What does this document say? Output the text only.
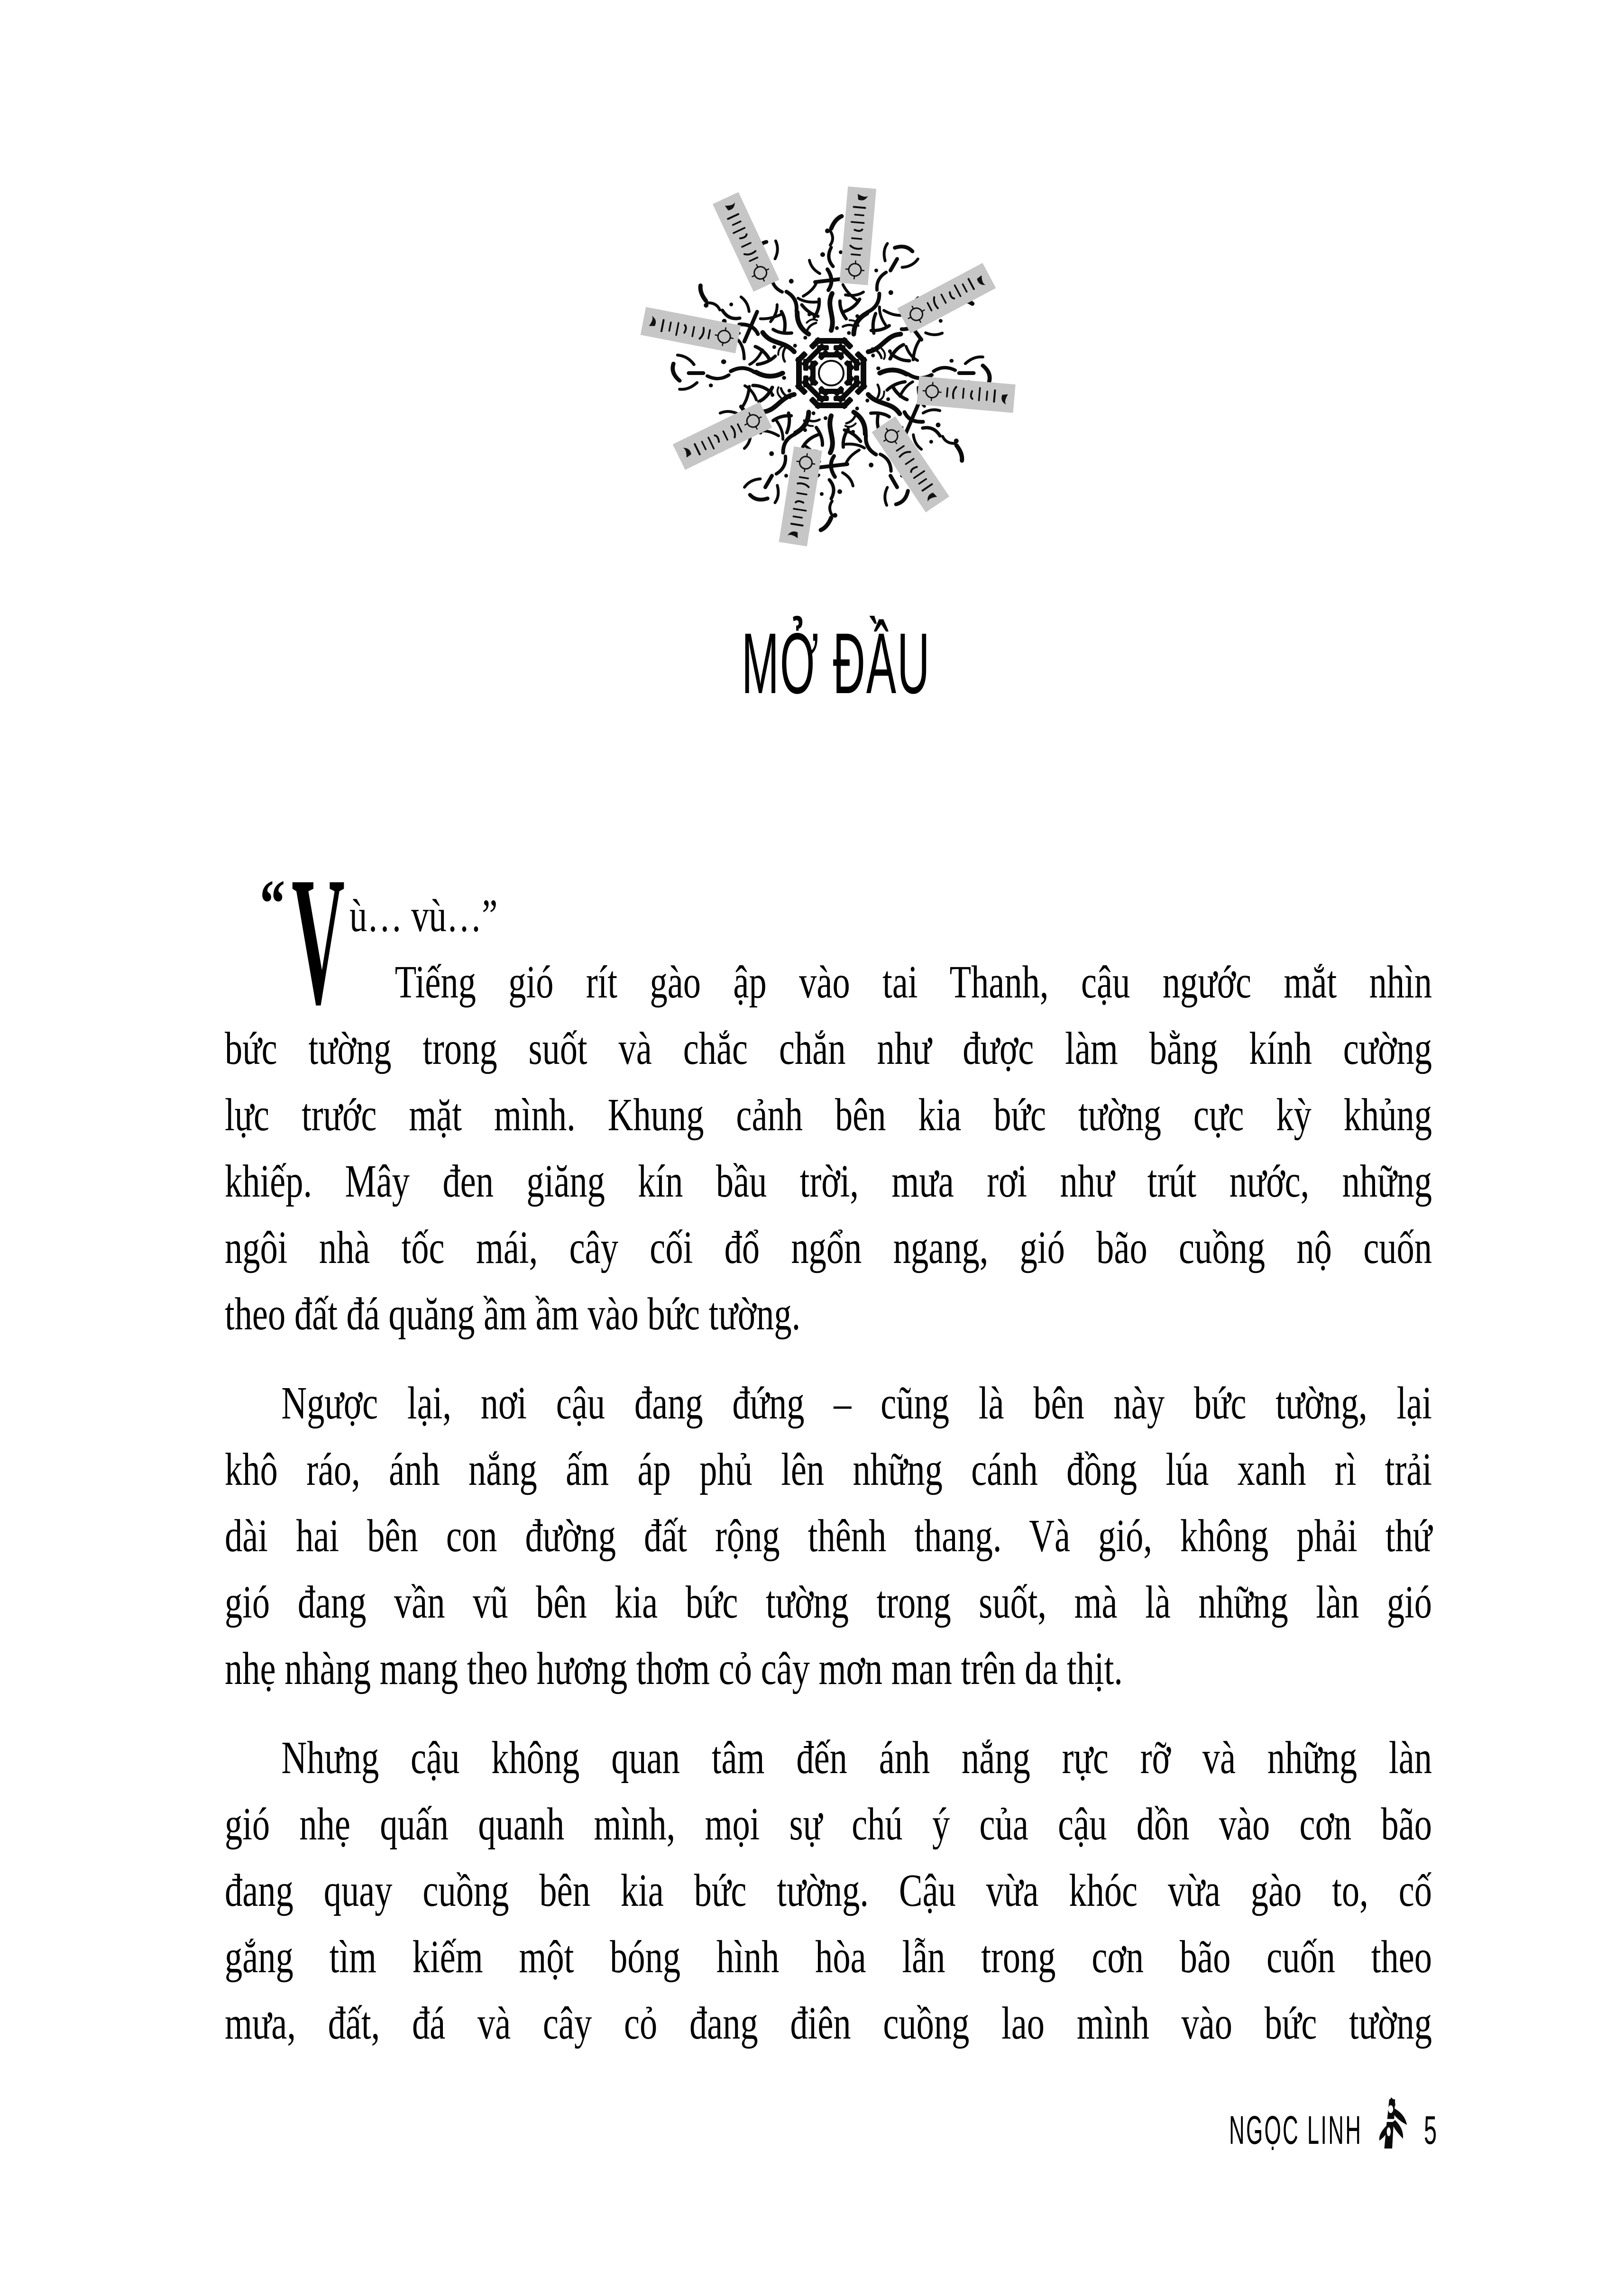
MỞ ĐẦU
“ V ù… vù…”
Tiếng gió rít gào ập vào tai Thanh, cậu ngước mắt nhìn
bức tường trong suốt và chắc chắn như được làm bằng kính cường
lực trước mặt mình. Khung cảnh bên kia bức tường cực kỳ khủng
khiếp. Mây đen giăng kín bầu trời, mưa rơi như trút nước, những
ngôi nhà tốc mái, cây cối đổ ngổn ngang, gió bão cuồng nộ cuốn
theo đất đá quăng ầm ầm vào bức tường.
Ngược lại, nơi cậu đang đứng – cũng là bên này bức tường, lại
khô ráo, ánh nắng ấm áp phủ lên những cánh đồng lúa xanh rì trải
dài hai bên con đường đất rộng thênh thang. Và gió, không phải thứ
gió đang vần vũ bên kia bức tường trong suốt, mà là những làn gió
nhẹ nhàng mang theo hương thơm cỏ cây mơn man trên da thịt.
Nhưng cậu không quan tâm đến ánh nắng rực rỡ và những làn
gió nhẹ quấn quanh mình, mọi sự chú ý của cậu dồn vào cơn bão
đang quay cuồng bên kia bức tường. Cậu vừa khóc vừa gào to, cố
gắng tìm kiếm một bóng hình hòa lẫn trong cơn bão cuốn theo
mưa, đất, đá và cây cỏ đang điên cuồng lao mình vào bức tường
NGỌC LINH 5
